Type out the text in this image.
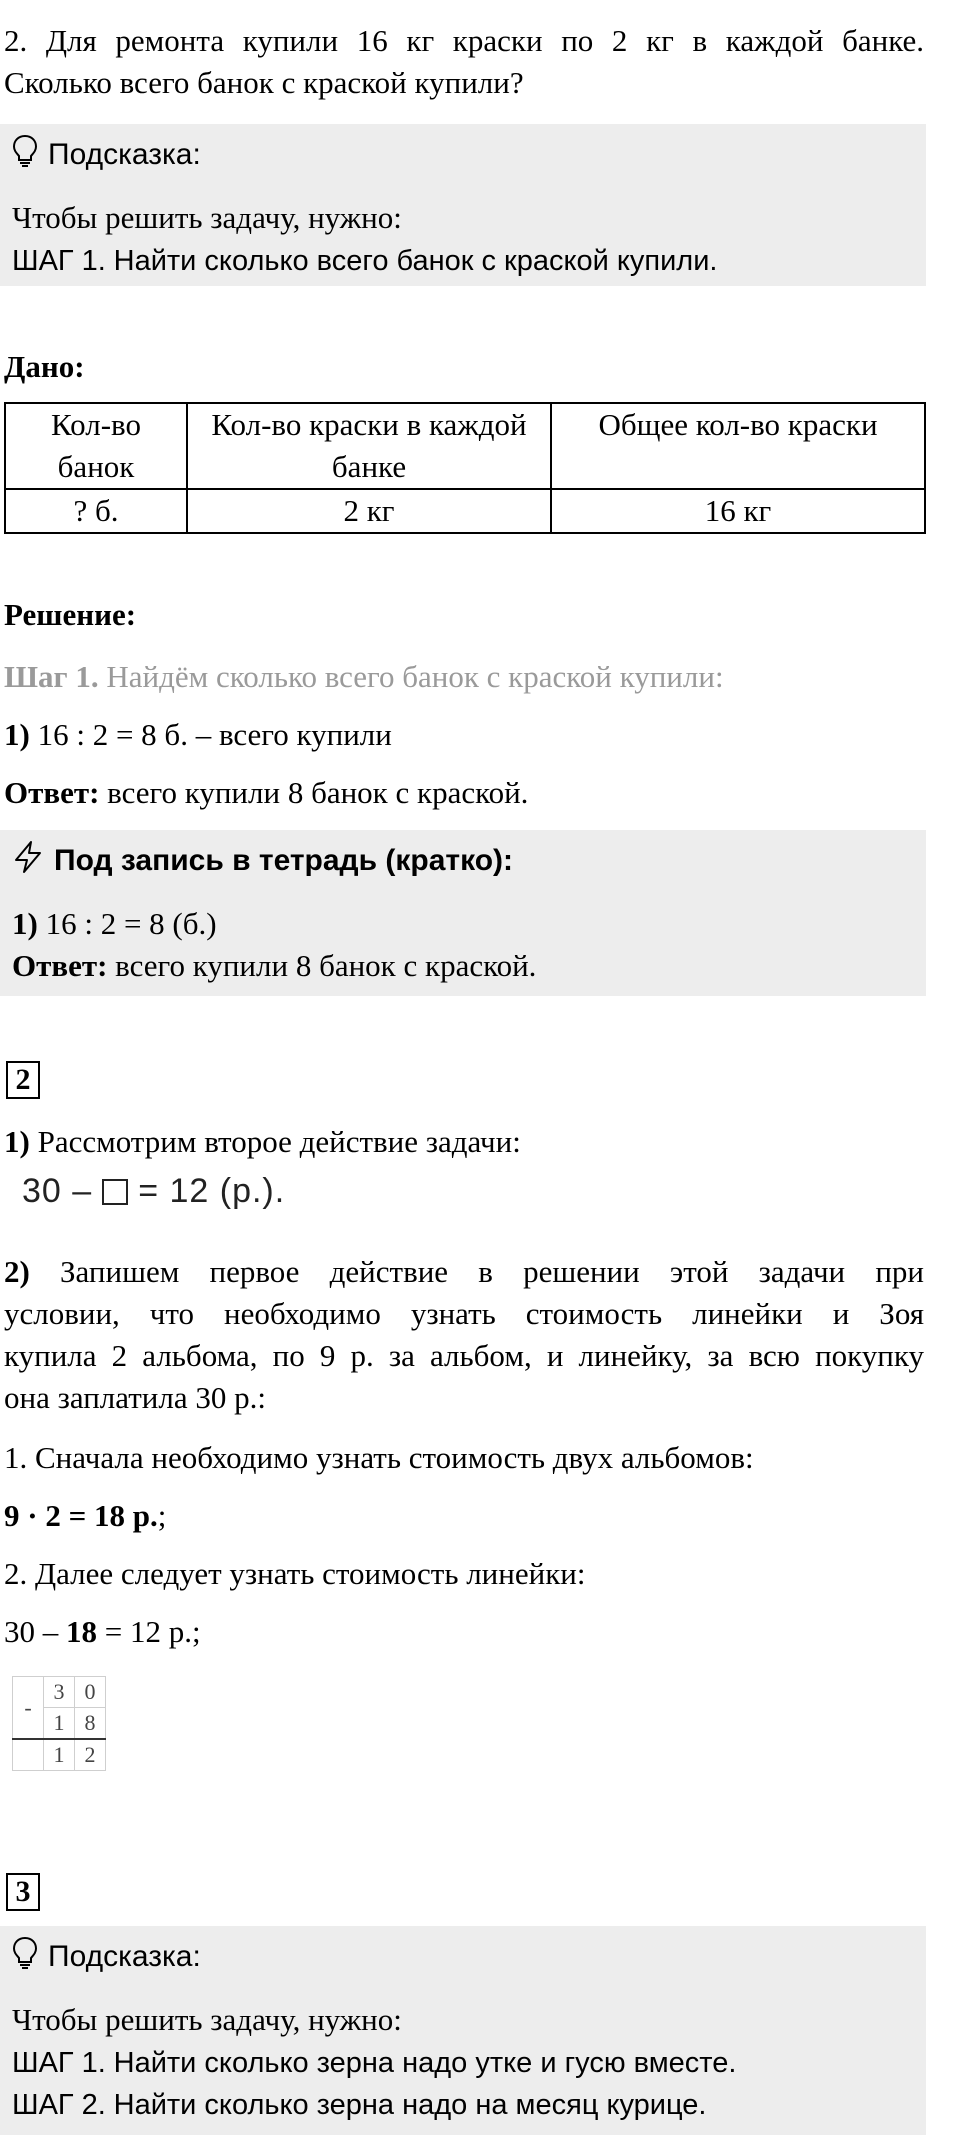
2. Для ремонта купили 16 кг краски по 2 кг в каждой банке.
Сколько всего банок с краской купили?
Подсказка:
Чтобы решить задачу, нужно:
ШАГ 1. Найти сколько всего банок с краской купили.
Дано:
Кол-во банок	Кол-во краски в каждой банке	Общее кол-во краски
? б.	2 кг	16 кг
Решение:
Шаг 1. Найдём сколько всего банок с краской купили:
1) 16 : 2 = 8 б. – всего купили
Ответ: всего купили 8 банок с краской.
Под запись в тетрадь (кратко):
1) 16 : 2 = 8 (б.)
Ответ: всего купили 8 банок с краской.
2
1) Рассмотрим второе действие задачи:
30 – = 12 (р.).
2) Запишем первое действие в решении этой задачи при
условии, что необходимо узнать стоимость линейки и Зоя
купила 2 альбома, по 9 р. за альбом, и линейку, за всю покупку
она заплатила 30 р.:
1. Сначала необходимо узнать стоимость двух альбомов:
9 · 2 = 18 р.;
2. Далее следует узнать стоимость линейки:
30 – 18 = 12 р.;
-	3	0
	1	8
	1	2
3
Подсказка:
Чтобы решить задачу, нужно:
ШАГ 1. Найти сколько зерна надо утке и гусю вместе.
ШАГ 2. Найти сколько зерна надо на месяц курице.
